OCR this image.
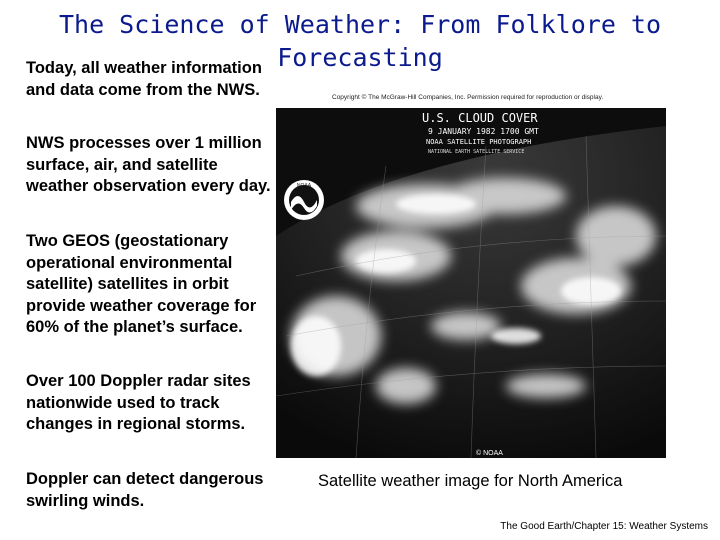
The Science of Weather: From Folklore to Forecasting

Today, all weather information and data come from the NWS.

NWS processes over 1 million surface, air, and satellite weather observation every day.

Two GEOS (geostationary operational environmental satellite) satellites in orbit provide weather coverage for 60% of the planet’s surface.

Over 100 Doppler radar sites nationwide used to track changes in regional storms.

Doppler can detect dangerous swirling winds.

Copyright © The McGraw-Hill Companies, Inc. Permission required for reproduction or display.
U.S. CLOUD COVER
9 JANUARY 1982 1700 GMT
NOAA SATELLITE PHOTOGRAPH
NATIONAL EARTH SATELLITE SERVICE
NOAA
© NOAA
Satellite weather image for North America
The Good Earth/Chapter 15: Weather Systems
